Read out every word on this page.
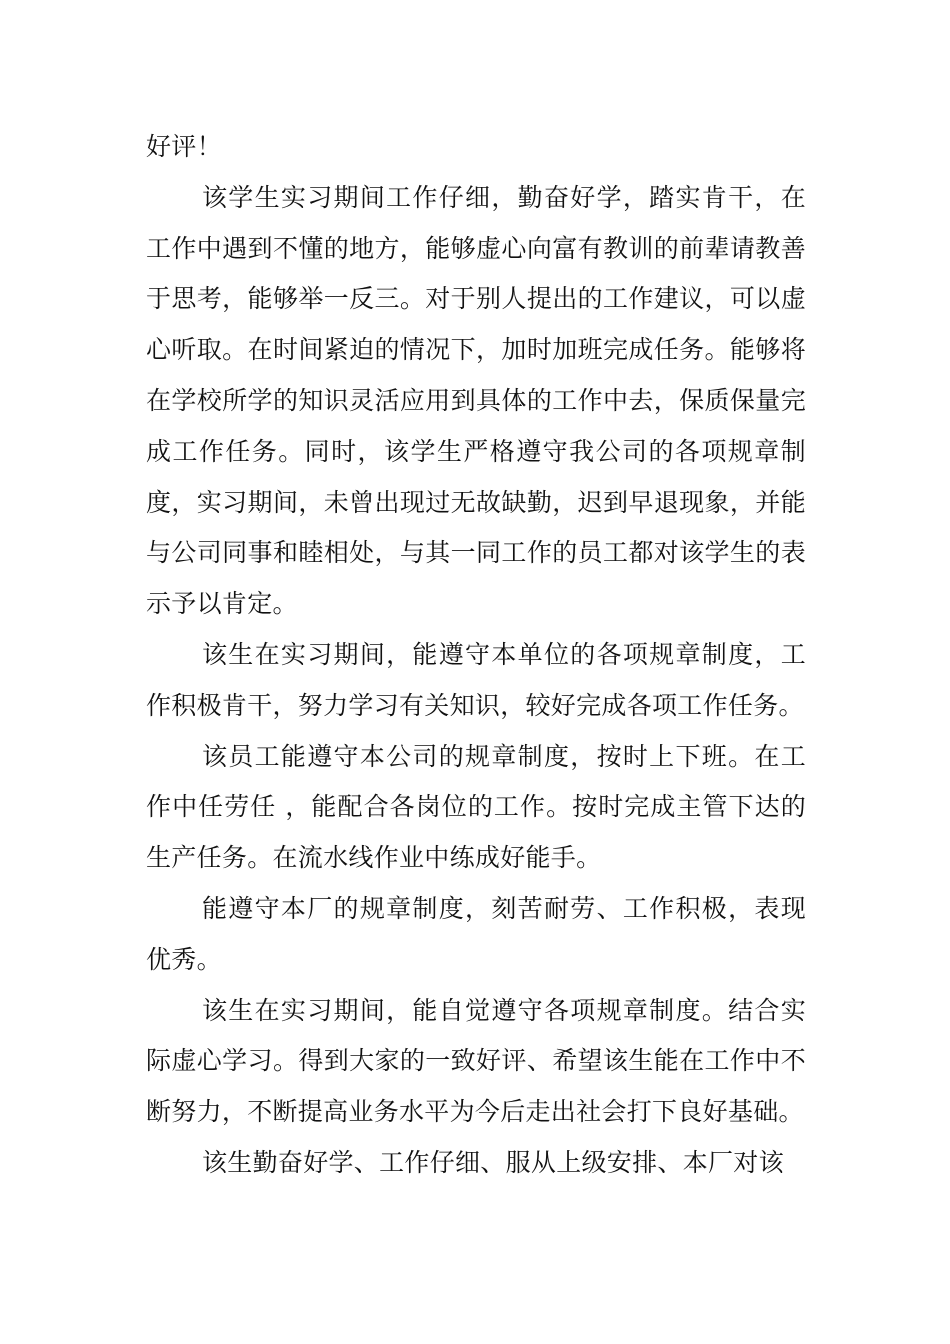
好评！

该学生实习期间工作仔细，勤奋好学，踏实肯干，在工作中遇到不懂的地方，能够虚心向富有教训的前辈请教善于思考，能够举一反三。对于别人提出的工作建议，可以虚心听取。在时间紧迫的情况下，加时加班完成任务。能够将在学校所学的知识灵活应用到具体的工作中去，保质保量完成工作任务。同时，该学生严格遵守我公司的各项规章制度，实习期间，未曾出现过无故缺勤，迟到早退现象，并能与公司同事和睦相处，与其一同工作的员工都对该学生的表示予以肯定。

该生在实习期间，能遵守本单位的各项规章制度，工作积极肯干，努力学习有关知识，较好完成各项工作任务。

该员工能遵守本公司的规章制度，按时上下班。在工作中任劳任 ，能配合各岗位的工作。按时完成主管下达的生产任务。在流水线作业中练成好能手。

能遵守本厂的规章制度，刻苦耐劳、工作积极，表现优秀。

该生在实习期间，能自觉遵守各项规章制度。结合实际虚心学习。得到大家的一致好评、希望该生能在工作中不断努力，不断提高业务水平为今后走出社会打下良好基础。

该生勤奋好学、工作仔细、服从上级安排、本厂对该
